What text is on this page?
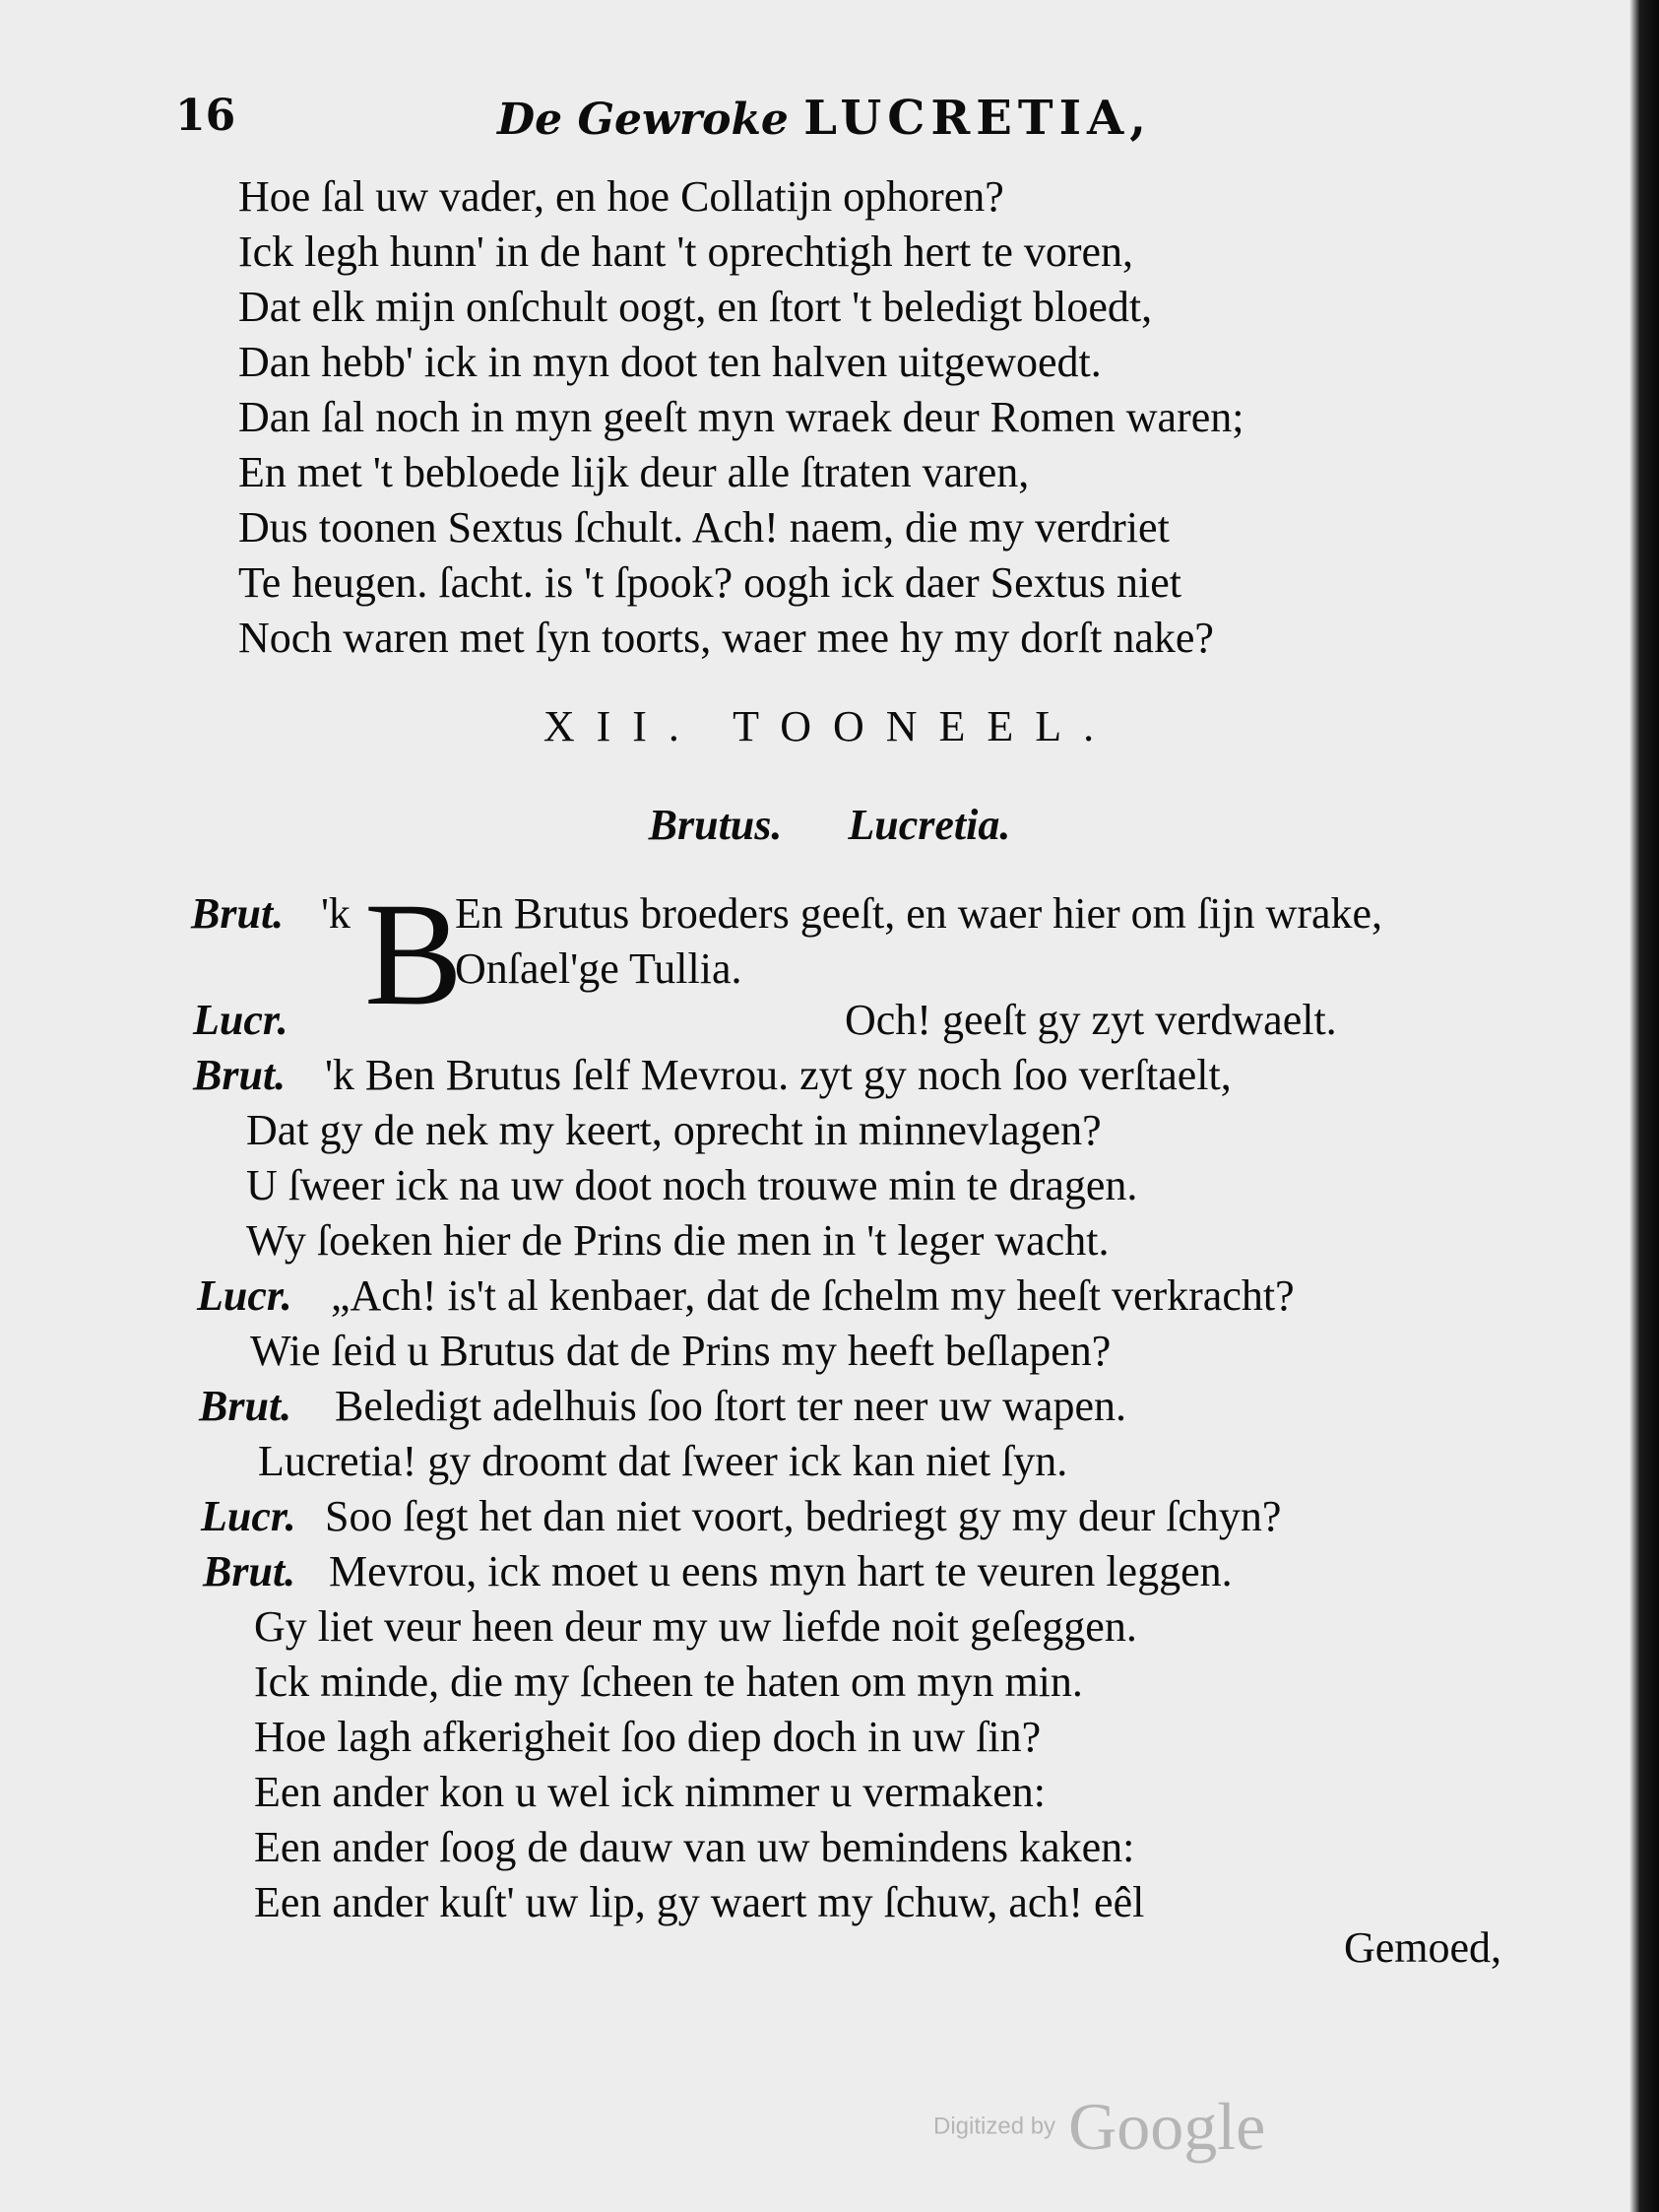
16	De Gewroke LUCRETIA,
Hoe ſal uw vader, en hoe Collatijn ophoren?
Ick legh hunn' in de hant 't oprechtigh hert te voren,
Dat elk mijn onſchult oogt, en ſtort 't beledigt bloedt,
Dan hebb' ick in myn doot ten halven uitgewoedt.
Dan ſal noch in myn geeſt myn wraek deur Romen waren;
En met 't bebloede lijk deur alle ſtraten varen,
Dus toonen Sextus ſchult. Ach! naem, die my verdriet
Te heugen. ſacht. is 't ſpook? oogh ick daer Sextus niet
Noch waren met ſyn toorts, waer mee hy my dorſt nake?
XII. TOONEEL.
Brutus. Lucretia.
Brut. 'k B
En Brutus broeders geeſt, en waer hier om ſijn wrake,
Onſael'ge Tullia.
Lucr.	Och! geeſt gy zyt verdwaelt.
Brut. 'k Ben Brutus ſelf Mevrou. zyt gy noch ſoo verſtaelt,
Dat gy de nek my keert, oprecht in minnevlagen?
U ſweer ick na uw doot noch trouwe min te dragen.
Wy ſoeken hier de Prins die men in 't leger wacht.
Lucr. „Ach! is't al kenbaer, dat de ſchelm my heeſt verkracht?
Wie ſeid u Brutus dat de Prins my heeft beſlapen?
Brut. Beledigt adelhuis ſoo ſtort ter neer uw wapen.
Lucretia! gy droomt dat ſweer ick kan niet ſyn.
Lucr. Soo ſegt het dan niet voort, bedriegt gy my deur ſchyn?
Brut. Mevrou, ick moet u eens myn hart te veuren leggen.
Gy liet veur heen deur my uw liefde noit geſeggen.
Ick minde, die my ſcheen te haten om myn min.
Hoe lagh afkerigheit ſoo diep doch in uw ſin?
Een ander kon u wel ick nimmer u vermaken:
Een ander ſoog de dauw van uw bemindens kaken:
Een ander kuſt' uw lip, gy waert my ſchuw, ach! eêl
Gemoed,
Digitized by Google
